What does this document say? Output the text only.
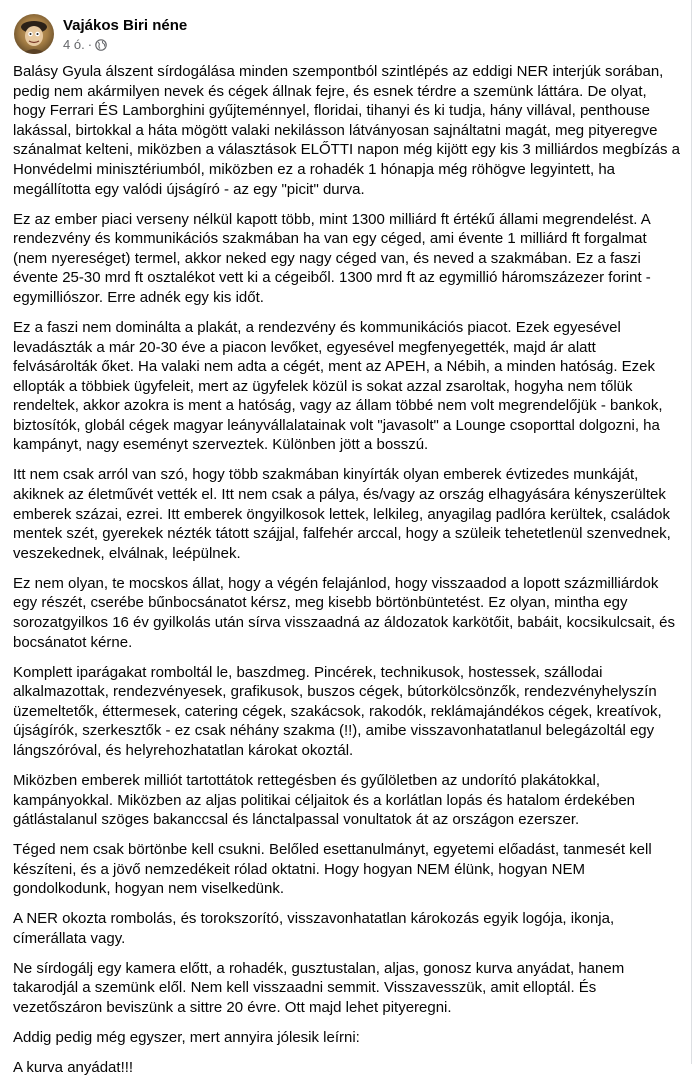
Vajákos Biri néne
4 ó. ·

Balásy Gyula álszent sírdogálása minden szempontból szintlépés az eddigi NER interjúk sorában, pedig nem akármilyen nevek és cégek állnak fejre, és esnek térdre a szemünk láttára. De olyat, hogy Ferrari ÉS Lamborghini gyűjteménnyel, floridai, tihanyi és ki tudja, hány villával, penthouse lakással, birtokkal a háta mögött valaki nekilásson látványosan sajnáltatni magát, meg pityeregve szánalmat kelteni, miközben a választások ELŐTTI napon még kijött egy kis 3 milliárdos megbízás a Honvédelmi minisztériumból, miközben ez a rohadék 1 hónapja még röhögve legyintett, ha megállította egy valódi újságíró - az egy "picit" durva.

Ez az ember piaci verseny nélkül kapott több, mint 1300 milliárd ft értékű állami megrendelést. A rendezvény és kommunikációs szakmában ha van egy céged, ami évente 1 milliárd ft forgalmat (nem nyereséget) termel, akkor neked egy nagy céged van, és neved a szakmában. Ez a faszi évente 25-30 mrd ft osztalékot vett ki a cégeiből. 1300 mrd ft az egymillió háromszázezer forint - egymilliószor. Erre adnék egy kis időt.

Ez a faszi nem dominálta a plakát, a rendezvény és kommunikációs piacot. Ezek egyesével levadászták a már 20-30 éve a piacon levőket, egyesével megfenyegették, majd ár alatt felvásárolták őket. Ha valaki nem adta a cégét, ment az APEH, a Nébih, a minden hatóság. Ezek ellopták a többiek ügyfeleit, mert az ügyfelek közül is sokat azzal zsaroltak, hogyha nem tőlük rendeltek, akkor azokra is ment a hatóság, vagy az állam többé nem volt megrendelőjük - bankok, biztosítók, globál cégek magyar leányvállalatainak volt "javasolt" a Lounge csoporttal dolgozni, ha kampányt, nagy eseményt szerveztek. Különben jött a bosszú.

Itt nem csak arról van szó, hogy több szakmában kinyírták olyan emberek évtizedes munkáját, akiknek az életművét vették el. Itt nem csak a pálya, és/vagy az ország elhagyására kényszerültek emberek százai, ezrei. Itt emberek öngyilkosok lettek, lelkileg, anyagilag padlóra kerültek, családok mentek szét, gyerekek nézték tátott szájjal, falfehér arccal, hogy a szüleik tehetetlenül szenvednek, veszekednek, elválnak, leépülnek.

Ez nem olyan, te mocskos állat, hogy a végén felajánlod, hogy visszaadod a lopott százmilliárdok egy részét, cserébe bűnbocsánatot kérsz, meg kisebb börtönbüntetést. Ez olyan, mintha egy sorozatgyilkos 16 év gyilkolás után sírva visszaadná az áldozatok karkötőit, babáit, kocsikulcsait, és bocsánatot kérne.

Komplett iparágakat romboltál le, baszdmeg. Pincérek, technikusok, hostessek, szállodai alkalmazottak, rendezvényesek, grafikusok, buszos cégek, bútorkölcsönzők, rendezvényhelyszín üzemeltetők, éttermesek, catering cégek, szakácsok, rakodók, reklámajándékos cégek, kreatívok, újságírók, szerkesztők - ez csak néhány szakma (!!), amibe visszavonhatatlanul belegázoltál egy lángszóróval, és helyrehozhatatlan károkat okoztál.

Miközben emberek milliót tartottátok rettegésben és gyűlöletben az undorító plakátokkal, kampányokkal. Miközben az aljas politikai céljaitok és a korlátlan lopás és hatalom érdekében gátlástalanul szöges bakanccsal és lánctalpassal vonultatok át az országon ezerszer.

Téged nem csak börtönbe kell csukni. Belőled esettanulmányt, egyetemi előadást, tanmesét kell készíteni, és a jövő nemzedékeit rólad oktatni. Hogy hogyan NEM élünk, hogyan NEM gondolkodunk, hogyan nem viselkedünk.

A NER okozta rombolás, és torokszorító, visszavonhatatlan károkozás egyik logója, ikonja, címerállata vagy.

Ne sírdogálj egy kamera előtt, a rohadék, gusztustalan, aljas, gonosz kurva anyádat, hanem takarodjál a szemünk elől. Nem kell visszaadni semmit. Visszavesszük, amit elloptál. És vezetőszáron beviszünk a sittre 20 évre. Ott majd lehet pityeregni.

Addig pedig még egyszer, mert annyira jólesik leírni:

A kurva anyádat!!!
